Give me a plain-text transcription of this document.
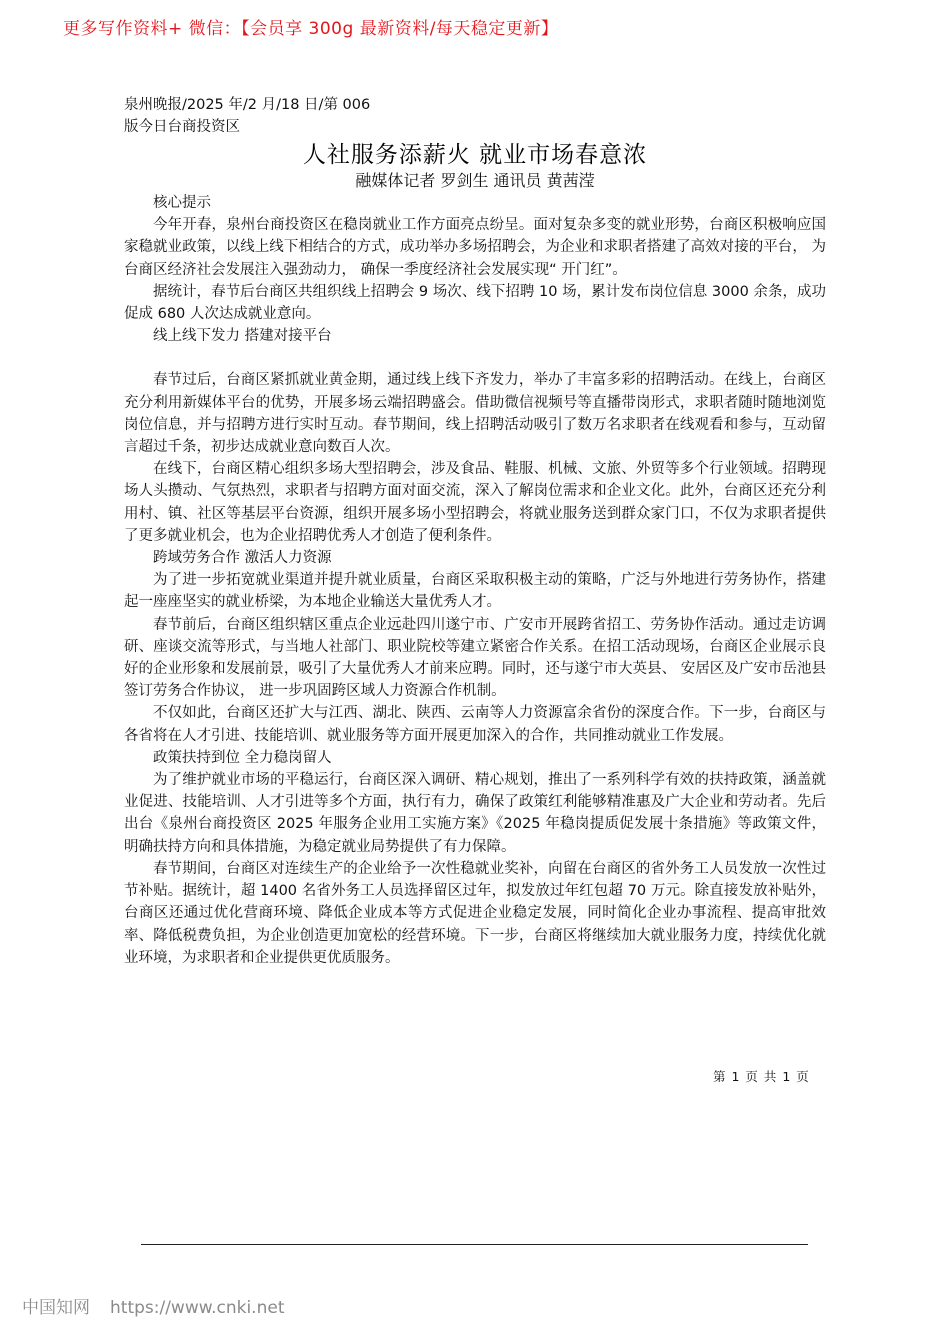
更多写作资料+ 微信：【会员享 300g 最新资料/每天稳定更新】
泉州晚报/2025 年/2 月/18 日/第 006
版今日台商投资区
人社服务添薪火 就业市场春意浓
融媒体记者 罗剑生 通讯员 黄茜滢
核心提示
今年开春，泉州台商投资区在稳岗就业工作方面亮点纷呈。面对复杂多变的就业形势，台商区积极响应国家稳就业政策，以线上线下相结合的方式，成功举办多场招聘会，为企业和求职者搭建了高效对接的平台， 为台商区经济社会发展注入强劲动力， 确保一季度经济社会发展实现“ 开门红”。
据统计，春节后台商区共组织线上招聘会 9 场次、线下招聘 10 场，累计发布岗位信息 3000 余条，成功促成 680 人次达成就业意向。
线上线下发力 搭建对接平台
春节过后，台商区紧抓就业黄金期，通过线上线下齐发力，举办了丰富多彩的招聘活动。在线上，台商区充分利用新媒体平台的优势，开展多场云端招聘盛会。借助微信视频号等直播带岗形式，求职者随时随地浏览岗位信息，并与招聘方进行实时互动。春节期间，线上招聘活动吸引了数万名求职者在线观看和参与，互动留言超过千条，初步达成就业意向数百人次。
在线下，台商区精心组织多场大型招聘会，涉及食品、鞋服、机械、文旅、外贸等多个行业领域。招聘现场人头攒动、气氛热烈，求职者与招聘方面对面交流，深入了解岗位需求和企业文化。此外，台商区还充分利用村、镇、社区等基层平台资源，组织开展多场小型招聘会，将就业服务送到群众家门口，不仅为求职者提供了更多就业机会，也为企业招聘优秀人才创造了便利条件。
跨域劳务合作 激活人力资源
为了进一步拓宽就业渠道并提升就业质量，台商区采取积极主动的策略，广泛与外地进行劳务协作，搭建起一座座坚实的就业桥梁，为本地企业输送大量优秀人才。
春节前后，台商区组织辖区重点企业远赴四川遂宁市、广安市开展跨省招工、劳务协作活动。通过走访调研、座谈交流等形式，与当地人社部门、职业院校等建立紧密合作关系。在招工活动现场，台商区企业展示良好的企业形象和发展前景，吸引了大量优秀人才前来应聘。同时，还与遂宁市大英县、 安居区及广安市岳池县签订劳务合作协议， 进一步巩固跨区域人力资源合作机制。
不仅如此，台商区还扩大与江西、湖北、陕西、云南等人力资源富余省份的深度合作。下一步，台商区与各省将在人才引进、技能培训、就业服务等方面开展更加深入的合作，共同推动就业工作发展。
政策扶持到位 全力稳岗留人
为了维护就业市场的平稳运行，台商区深入调研、精心规划，推出了一系列科学有效的扶持政策，涵盖就业促进、技能培训、人才引进等多个方面，执行有力，确保了政策红利能够精准惠及广大企业和劳动者。先后出台《泉州台商投资区 2025 年服务企业用工实施方案》《2025 年稳岗提质促发展十条措施》等政策文件，明确扶持方向和具体措施，为稳定就业局势提供了有力保障。
春节期间，台商区对连续生产的企业给予一次性稳就业奖补，向留在台商区的省外务工人员发放一次性过节补贴。据统计，超 1400 名省外务工人员选择留区过年，拟发放过年红包超 70 万元。除直接发放补贴外，台商区还通过优化营商环境、降低企业成本等方式促进企业稳定发展，同时简化企业办事流程、提高审批效率、降低税费负担，为企业创造更加宽松的经营环境。下一步，台商区将继续加大就业服务力度，持续优化就业环境，为求职者和企业提供更优质服务。
第 1 页 共 1 页
中国知网 https://www.cnki.net
